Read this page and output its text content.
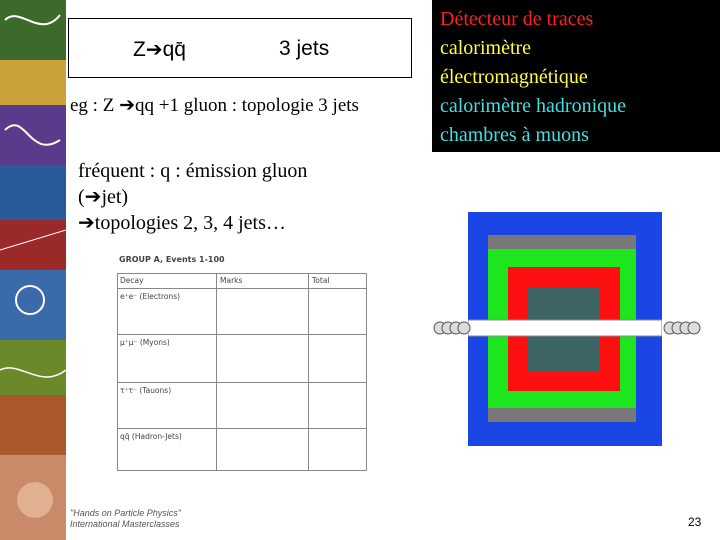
Z➔qq̄	3 jets
eg : Z ➔qq +1 gluon : topologie 3 jets
Détecteur de traces
calorimètre
électromagnétique
calorimètre hadronique
chambres à muons
fréquent : q : émission gluon
(➔jet)
➔topologies 2, 3, 4 jets…
GROUP A, Events 1-100
Decay	Marks	Total
e⁺e⁻ (Electrons)
μ⁺μ⁻ (Myons)
τ⁺τ⁻ (Tauons)
qq̄ (Hadron-Jets)
"Hands on Particle Physics"
International Masterclasses	23
